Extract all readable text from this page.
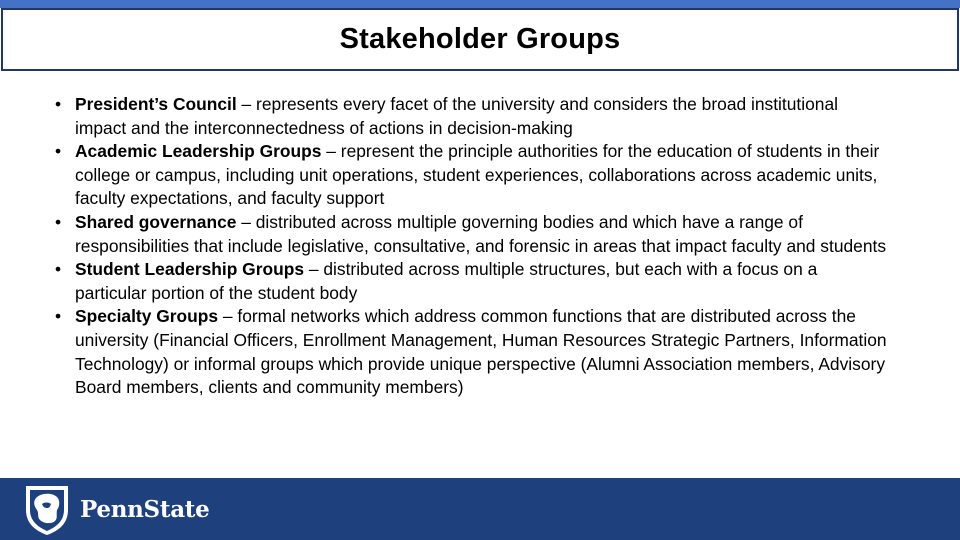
Stakeholder Groups
• President’s Council – represents every facet of the university and considers the broad institutional impact and the interconnectedness of actions in decision-making
• Academic Leadership Groups – represent the principle authorities for the education of students in their college or campus, including unit operations, student experiences, collaborations across academic units, faculty expectations, and faculty support
• Shared governance – distributed across multiple governing bodies and which have a range of responsibilities that include legislative, consultative, and forensic in areas that impact faculty and students
• Student Leadership Groups – distributed across multiple structures, but each with a focus on a particular portion of the student body
• Specialty Groups – formal networks which address common functions that are distributed across the university (Financial Officers, Enrollment Management, Human Resources Strategic Partners, Information Technology) or informal groups which provide unique perspective (Alumni Association members, Advisory Board members, clients and community members)
PennState
